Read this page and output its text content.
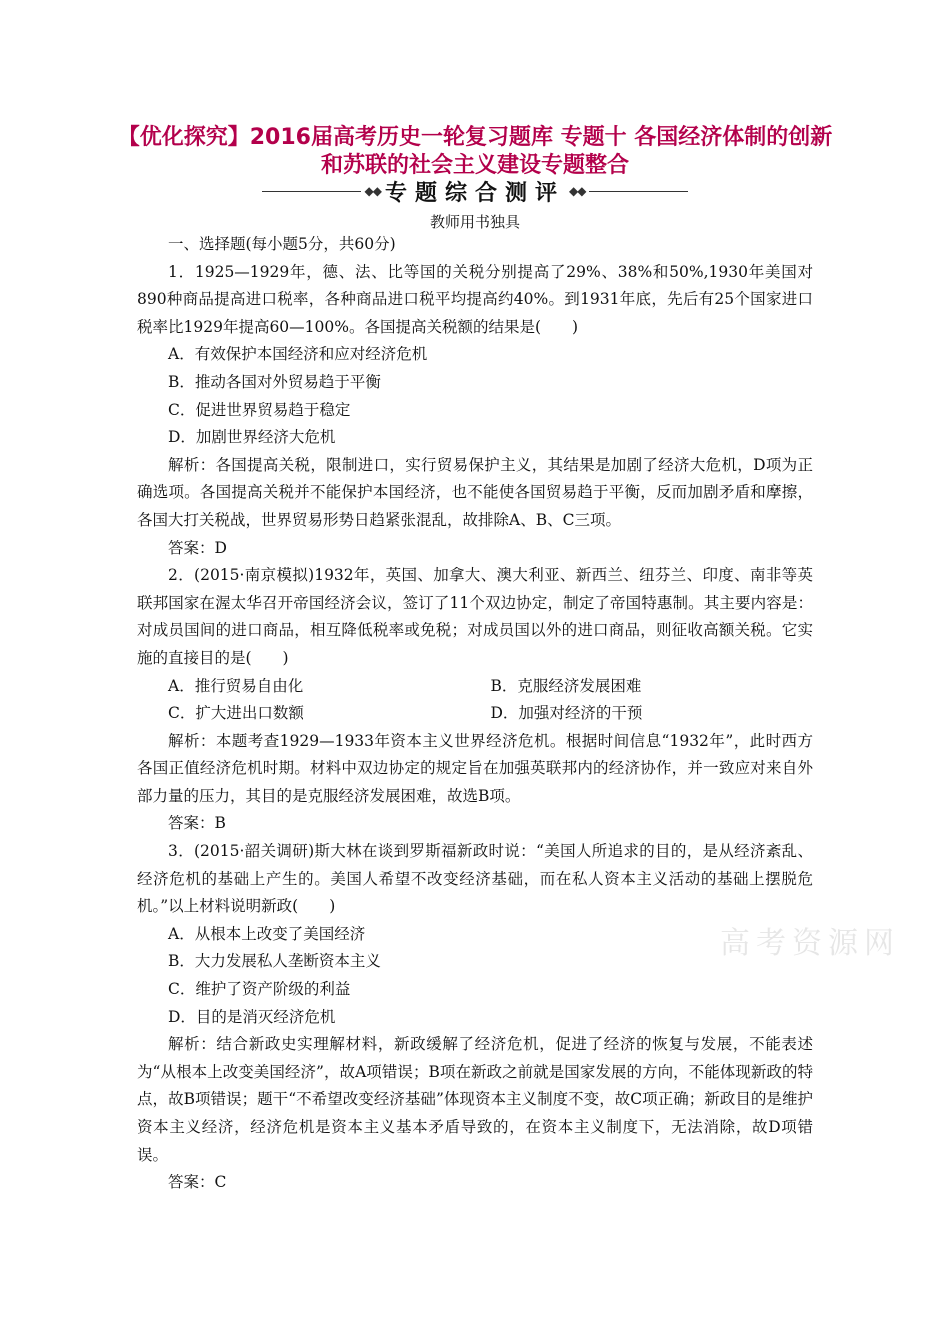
【优化探究】2016届高考历史一轮复习题库 专题十 各国经济体制的创新和苏联的社会主义建设专题整合
◆◆ 专题综合测评 ◆◆
教师用书独具

一、选择题(每小题5分，共60分)

1．1925—1929年，德、法、比等国的关税分别提高了29%、38%和50%,1930年美国对890种商品提高进口税率，各种商品进口税平均提高约40%。到1931年底，先后有25个国家进口税率比1929年提高60—100%。各国提高关税额的结果是(　　)

A．有效保护本国经济和应对经济危机

B．推动各国对外贸易趋于平衡

C．促进世界贸易趋于稳定

D．加剧世界经济大危机

解析：各国提高关税，限制进口，实行贸易保护主义，其结果是加剧了经济大危机，D项为正确选项。各国提高关税并不能保护本国经济，也不能使各国贸易趋于平衡，反而加剧矛盾和摩擦，各国大打关税战，世界贸易形势日趋紧张混乱，故排除A、B、C三项。

答案：D

2．(2015·南京模拟)1932年，英国、加拿大、澳大利亚、新西兰、纽芬兰、印度、南非等英联邦国家在渥太华召开帝国经济会议，签订了11个双边协定，制定了帝国特惠制。其主要内容是：对成员国间的进口商品，相互降低税率或免税；对成员国以外的进口商品，则征收高额关税。它实施的直接目的是(　　)

A．推行贸易自由化	B．克服经济发展困难
C．扩大进出口数额	D．加强对经济的干预

解析：本题考查1929—1933年资本主义世界经济危机。根据时间信息“1932年”，此时西方各国正值经济危机时期。材料中双边协定的规定旨在加强英联邦内的经济协作，并一致应对来自外部力量的压力，其目的是克服经济发展困难，故选B项。

答案：B

3．(2015·韶关调研)斯大林在谈到罗斯福新政时说：“美国人所追求的目的，是从经济紊乱、经济危机的基础上产生的。美国人希望不改变经济基础，而在私人资本主义活动的基础上摆脱危机。”以上材料说明新政(　　)

A．从根本上改变了美国经济

B．大力发展私人垄断资本主义

C．维护了资产阶级的利益

D．目的是消灭经济危机

解析：结合新政史实理解材料，新政缓解了经济危机，促进了经济的恢复与发展，不能表述为“从根本上改变美国经济”，故A项错误；B项在新政之前就是国家发展的方向，不能体现新政的特点，故B项错误；题干“不希望改变经济基础”体现资本主义制度不变，故C项正确；新政目的是维护资本主义经济，经济危机是资本主义基本矛盾导致的，在资本主义制度下，无法消除，故D项错误。

答案：C

高考资源网
